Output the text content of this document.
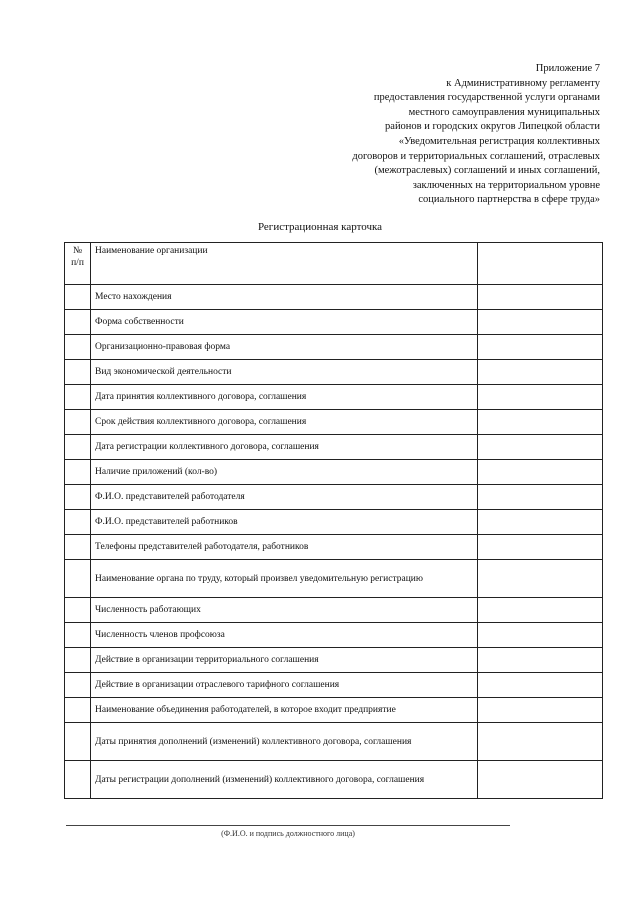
Приложение 7
к Административному регламенту
предоставления государственной услуги органами
местного самоуправления муниципальных
районов и городских округов Липецкой области
«Уведомительная регистрация коллективных
договоров и территориальных соглашений, отраслевых
(межотраслевых) соглашений и иных соглашений,
заключенных на территориальном уровне
социального партнерства в сфере труда»
Регистрационная карточка
№ п/п	Наименование организации	
	Место нахождения	
	Форма собственности	
	Организационно-правовая форма	
	Вид экономической деятельности	
	Дата принятия коллективного договора, соглашения	
	Срок действия коллективного договора, соглашения	
	Дата регистрации коллективного договора, соглашения	
	Наличие приложений (кол-во)	
	Ф.И.О. представителей работодателя	
	Ф.И.О. представителей работников	
	Телефоны представителей работодателя, работников	
	Наименование органа по труду, который произвел уведомительную регистрацию	
	Численность работающих	
	Численность членов профсоюза	
	Действие в организации территориального соглашения	
	Действие в организации отраслевого тарифного соглашения	
	Наименование объединения работодателей, в которое входит предприятие	
	Даты принятия дополнений (изменений) коллективного договора, соглашения	
	Даты регистрации дополнений (изменений) коллективного договора, соглашения	
(Ф.И.О. и подпись должностного лица)
